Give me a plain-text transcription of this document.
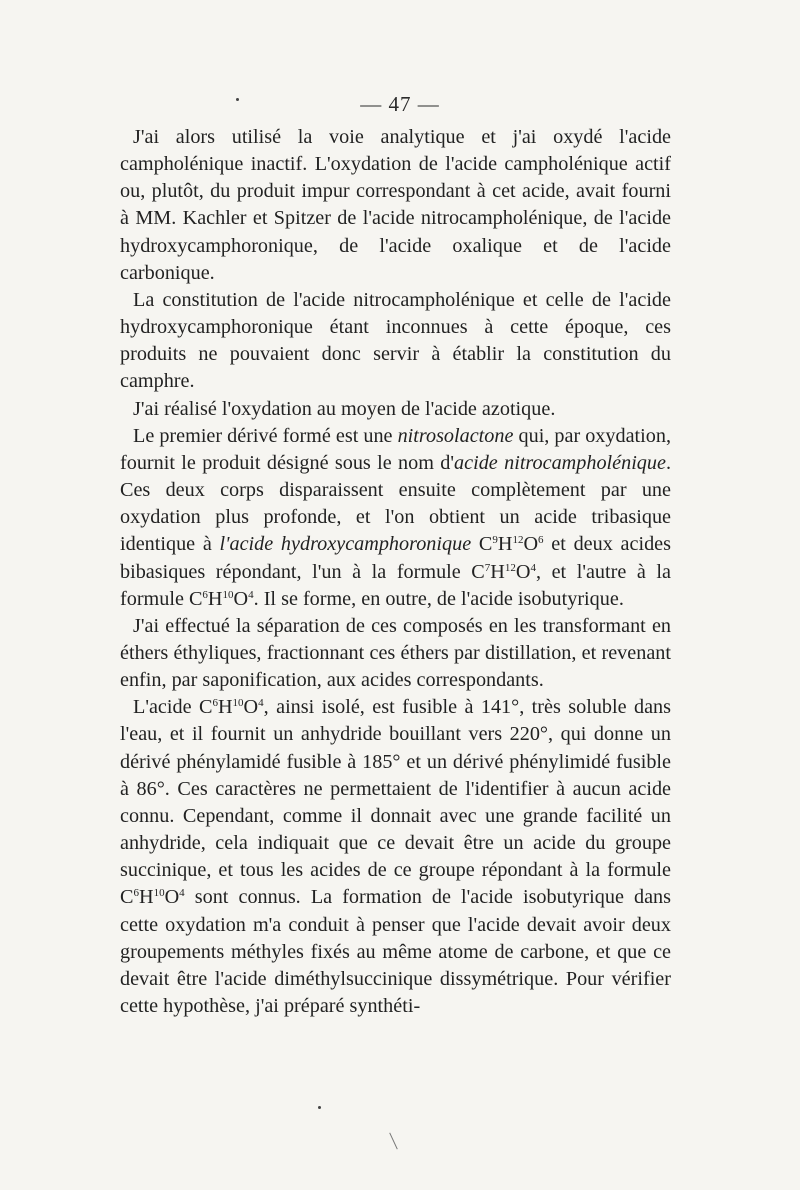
— 47 —

J'ai alors utilisé la voie analytique et j'ai oxydé l'acide campholénique inactif. L'oxydation de l'acide campholénique actif ou, plutôt, du produit impur correspondant à cet acide, avait fourni à MM. Kachler et Spitzer de l'acide nitrocampholénique, de l'acide hydroxycamphoronique, de l'acide oxalique et de l'acide carbonique.

La constitution de l'acide nitrocampholénique et celle de l'acide hydroxycamphoronique étant inconnues à cette époque, ces produits ne pouvaient donc servir à établir la constitution du camphre.

J'ai réalisé l'oxydation au moyen de l'acide azotique.

Le premier dérivé formé est une nitrosolactone qui, par oxydation, fournit le produit désigné sous le nom d'acide nitrocampholénique. Ces deux corps disparaissent ensuite complètement par une oxydation plus profonde, et l'on obtient un acide tribasique identique à l'acide hydroxycamphoronique $C^9H^{12}O^6$ et deux acides bibasiques répondant, l'un à la formule $C^7H^{12}O^4$, et l'autre à la formule $C^6H^{10}O^4$. Il se forme, en outre, de l'acide isobutyrique.

J'ai effectué la séparation de ces composés en les transformant en éthers éthyliques, fractionnant ces éthers par distillation, et revenant enfin, par saponification, aux acides correspondants.

L'acide $C^6H^{10}O^4$, ainsi isolé, est fusible à 141°, très soluble dans l'eau, et il fournit un anhydride bouillant vers 220°, qui donne un dérivé phénylamidé fusible à 185° et un dérivé phénylimidé fusible à 86°. Ces caractères ne permettaient de l'identifier à aucun acide connu. Cependant, comme il donnait avec une grande facilité un anhydride, cela indiquait que ce devait être un acide du groupe succinique, et tous les acides de ce groupe répondant à la formule $C^6H^{10}O^4$ sont connus. La formation de l'acide isobutyrique dans cette oxydation m'a conduit à penser que l'acide devait avoir deux groupements méthyles fixés au même atome de carbone, et que ce devait être l'acide diméthylsuccinique dissymétrique. Pour vérifier cette hypothèse, j'ai préparé synthéti-
